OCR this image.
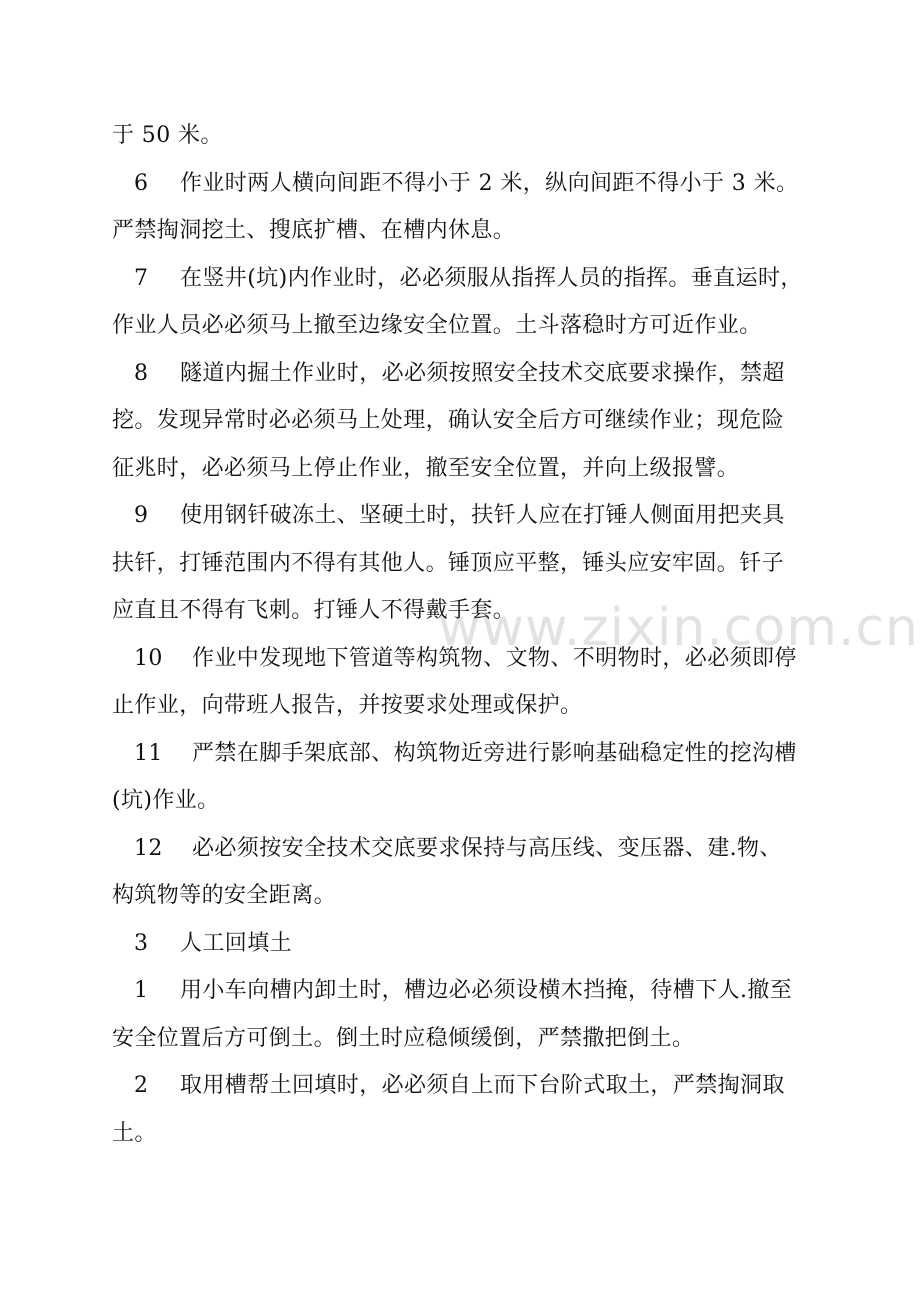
于 50 米。
6 作业时两人横向间距不得小于 2 米，纵向间距不得小于 3 米。
严禁掏洞挖土、搜底扩槽、在槽内休息。
7 在竖井(坑)内作业时，必必须服从指挥人员的指挥。垂直运时，
作业人员必必须马上撤至边缘安全位置。土斗落稳时方可近作业。
8 隧道内掘土作业时，必必须按照安全技术交底要求操作，禁超
挖。发现异常时必必须马上处理，确认安全后方可继续作业；现危险
征兆时，必必须马上停止作业，撤至安全位置，并向上级报譬。
9 使用钢钎破冻土、坚硬土时，扶钎人应在打锤人侧面用把夹具
扶钎，打锤范围内不得有其他人。锤顶应平整，锤头应安牢固。钎子
应直且不得有飞刺。打锤人不得戴手套。
10 作业中发现地下管道等构筑物、文物、不明物时，必必须即停
止作业，向带班人报告，并按要求处理或保护。
11 严禁在脚手架底部、构筑物近旁进行影响基础稳定性的挖沟槽
(坑)作业。
12 必必须按安全技术交底要求保持与高压线、变压器、建.物、
构筑物等的安全距离。
3 人工回填土
1 用小车向槽内卸土时，槽边必必须设横木挡掩，待槽下人.撤至
安全位置后方可倒土。倒土时应稳倾缓倒，严禁撒把倒土。
2 取用槽帮土回填时，必必须自上而下台阶式取土，严禁掏洞取
土。
www.zixin.com.cn
